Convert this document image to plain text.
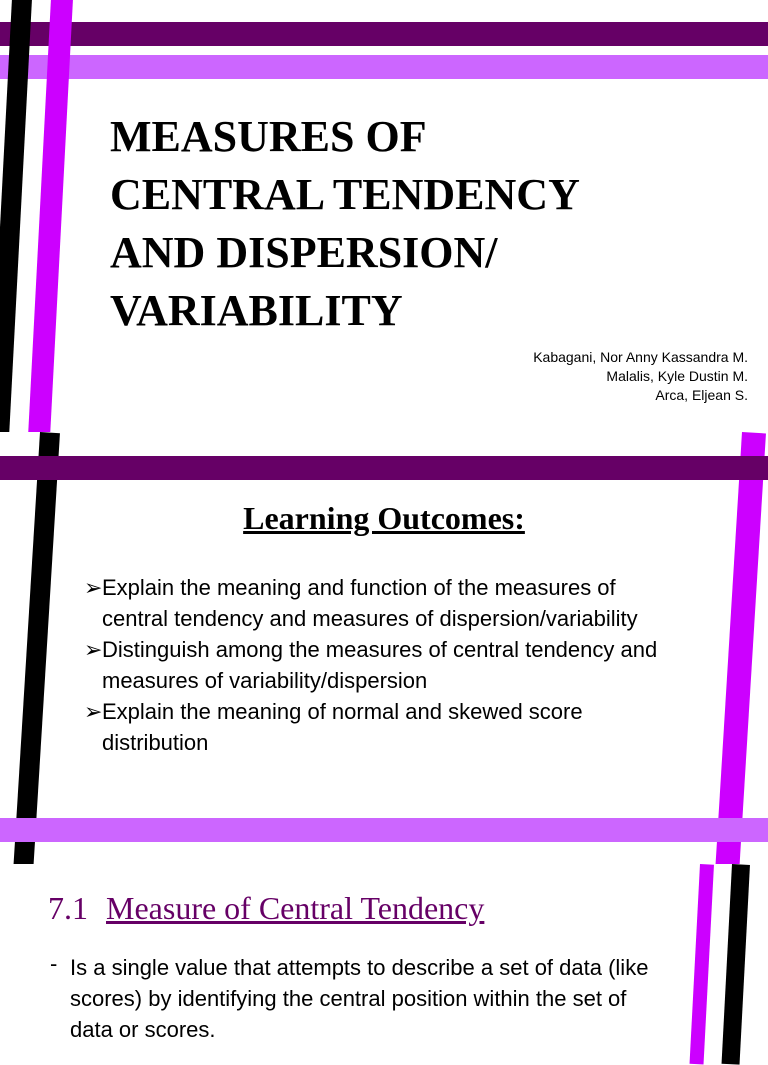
MEASURES OF
CENTRAL TENDENCY
AND DISPERSION/
VARIABILITY
Kabagani, Nor Anny Kassandra M.
Malalis, Kyle Dustin M.
Arca, Eljean S.
Learning Outcomes:
➢Explain the meaning and function of the measures of central tendency and measures of dispersion/variability
➢Distinguish among the measures of central tendency and measures of variability/dispersion
➢Explain the meaning of normal and skewed score distribution
7.1 Measure of Central Tendency
- Is a single value that attempts to describe a set of data (like scores) by identifying the central position within the set of data or scores.
